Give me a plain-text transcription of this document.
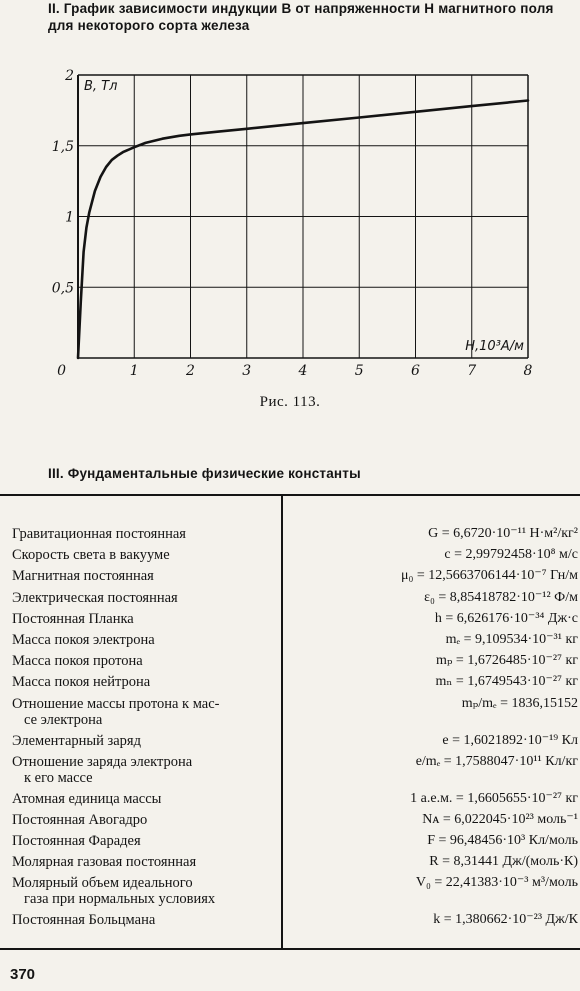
II. График зависимости индукции B от напряженности H магнитного поля для некоторого сорта железа
0	1	2	3	4	5	6	7	8
0,5
1
1,5
2
B, Тл
H,10³А/м
Рис. 113.
III. Фундаментальные физические константы
Гравитационная постоянная	G = 6,6720·10⁻¹¹ Н·м²/кг²
Скорость света в вакууме	c = 2,99792458·10⁸ м/с
Магнитная постоянная	μ₀ = 12,5663706144·10⁻⁷ Гн/м
Электрическая постоянная	ε₀ = 8,85418782·10⁻¹² Ф/м
Постоянная Планка	h = 6,626176·10⁻³⁴ Дж·с
Масса покоя электрона	mₑ = 9,109534·10⁻³¹ кг
Масса покоя протона	mₚ = 1,6726485·10⁻²⁷ кг
Масса покоя нейтрона	mₙ = 1,6749543·10⁻²⁷ кг
Отношение массы протона к мас-
се электрона	mₚ/mₑ = 1836,15152
Элементарный заряд	e = 1,6021892·10⁻¹⁹ Кл
Отношение заряда электрона
к его массе	e/mₑ = 1,7588047·10¹¹ Кл/кг
Атомная единица массы	1 а.е.м. = 1,6605655·10⁻²⁷ кг
Постоянная Авогадро	Nᴀ = 6,022045·10²³ моль⁻¹
Постоянная Фарадея	F = 96,48456·10³ Кл/моль
Молярная газовая постоянная	R = 8,31441 Дж/(моль·К)
Молярный объем идеального
газа при нормальных условиях	V₀ = 22,41383·10⁻³ м³/моль
Постоянная Больцмана	k = 1,380662·10⁻²³ Дж/К
370
